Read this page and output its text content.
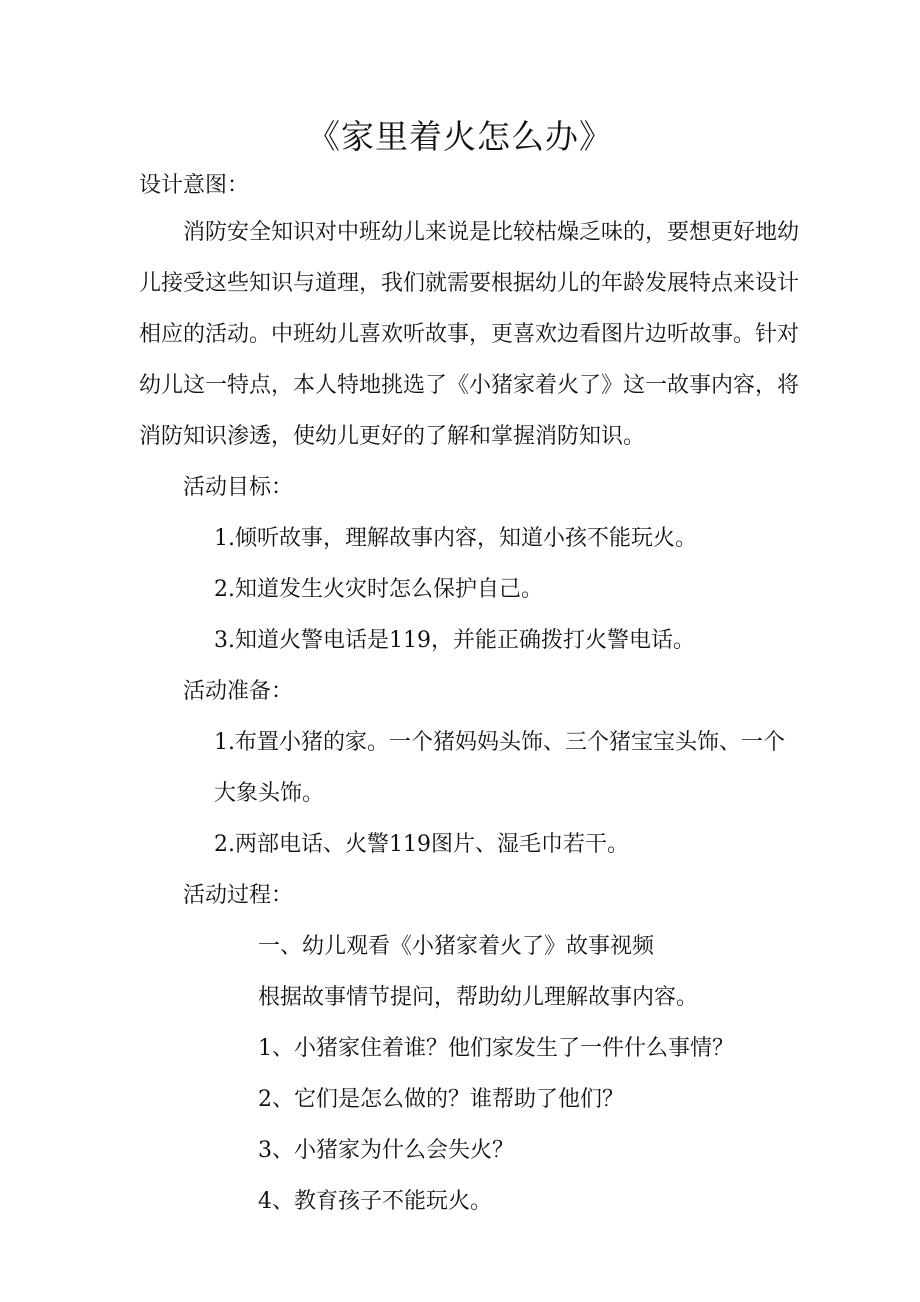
《家里着火怎么办》

设计意图：

消防安全知识对中班幼儿来说是比较枯燥乏味的，要想更好地幼

儿接受这些知识与道理，我们就需要根据幼儿的年龄发展特点来设计

相应的活动。中班幼儿喜欢听故事，更喜欢边看图片边听故事。针对

幼儿这一特点，本人特地挑选了《小猪家着火了》这一故事内容，将

消防知识渗透，使幼儿更好的了解和掌握消防知识。

活动目标：

1.倾听故事，理解故事内容，知道小孩不能玩火。

2.知道发生火灾时怎么保护自己。

3.知道火警电话是119，并能正确拨打火警电话。

活动准备：

1.布置小猪的家。一个猪妈妈头饰、三个猪宝宝头饰、一个

大象头饰。

2.两部电话、火警119图片、湿毛巾若干。

活动过程：

一、幼儿观看《小猪家着火了》故事视频

根据故事情节提问，帮助幼儿理解故事内容。

1、小猪家住着谁？他们家发生了一件什么事情？

2、它们是怎么做的？谁帮助了他们？

3、小猪家为什么会失火？

4、教育孩子不能玩火。
